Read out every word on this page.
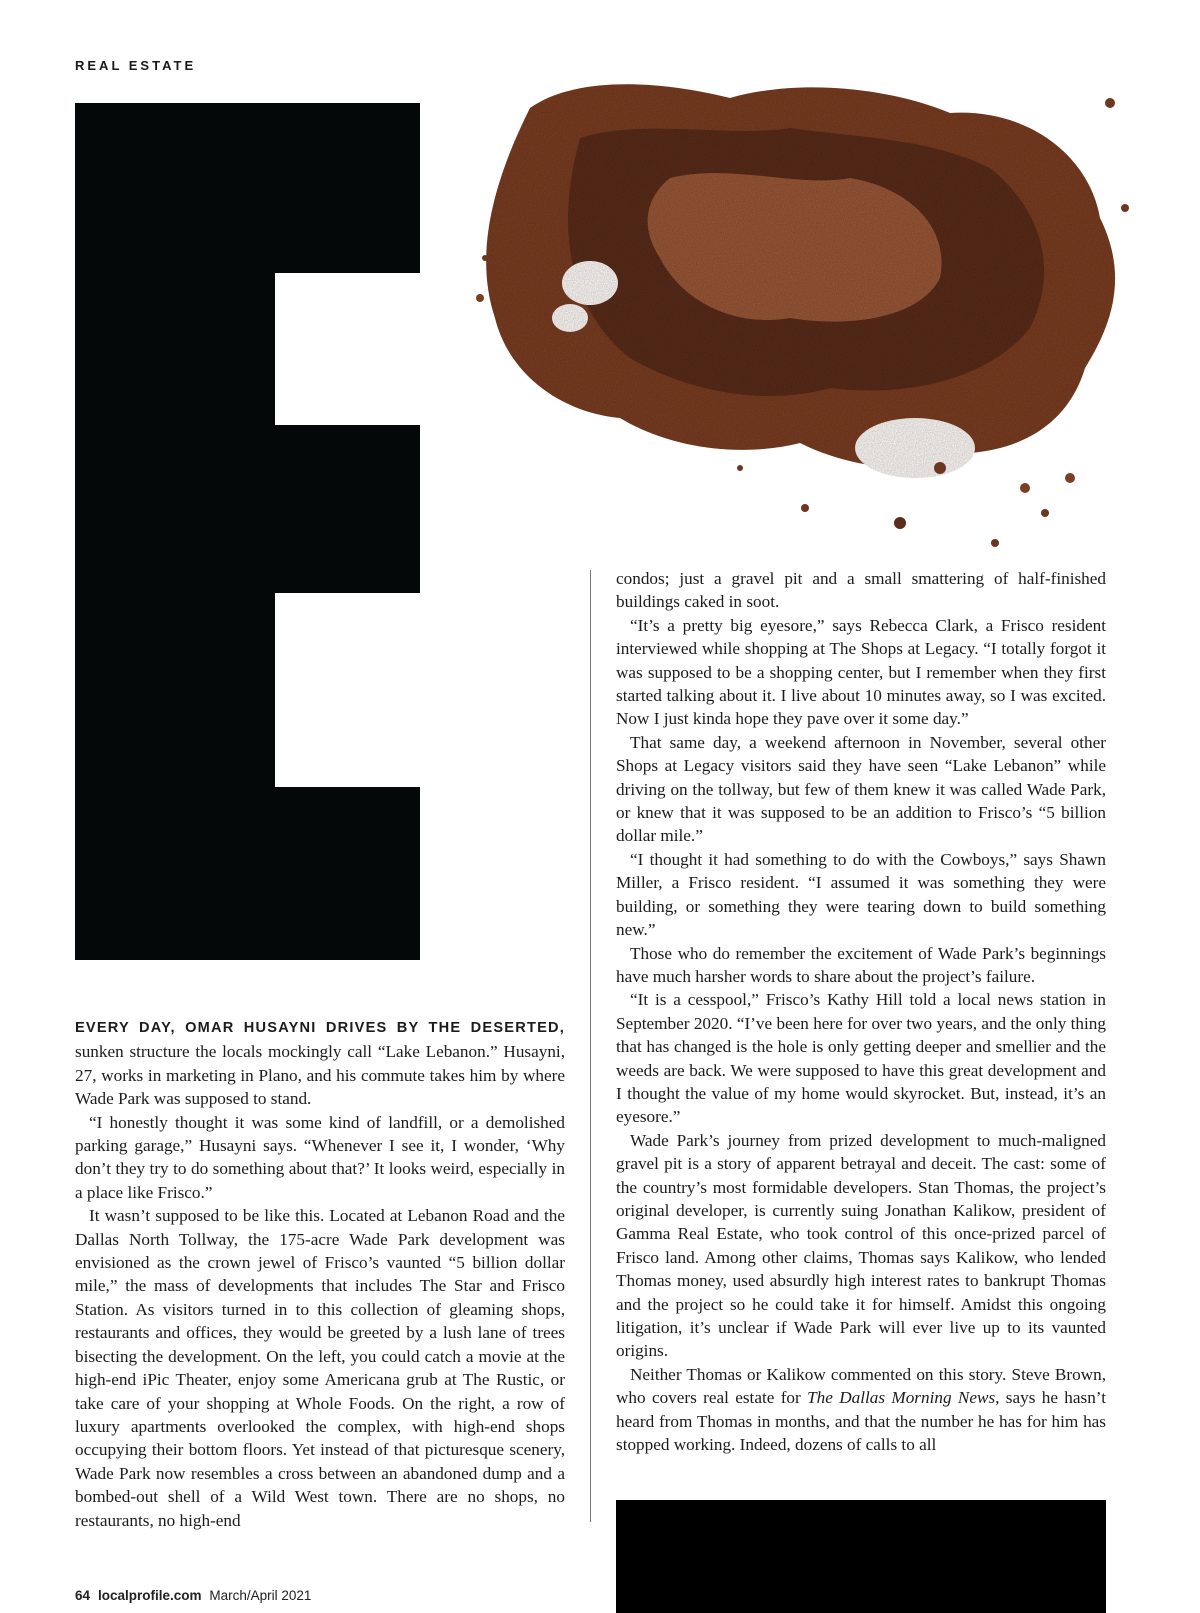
REAL ESTATE

EVERY DAY, OMAR HUSAYNI DRIVES BY THE DESERTED, sunken structure the locals mockingly call “Lake Lebanon.” Husayni, 27, works in marketing in Plano, and his commute takes him by where Wade Park was supposed to stand.

“I honestly thought it was some kind of landfill, or a demolished parking garage,” Husayni says. “Whenever I see it, I wonder, ‘Why don’t they try to do something about that?’ It looks weird, especially in a place like Frisco.”

It wasn’t supposed to be like this. Located at Lebanon Road and the Dallas North Tollway, the 175-acre Wade Park development was envisioned as the crown jewel of Frisco’s vaunted “5 billion dollar mile,” the mass of developments that includes The Star and Frisco Station. As visitors turned in to this collection of gleaming shops, restaurants and offices, they would be greeted by a lush lane of trees bisecting the development. On the left, you could catch a movie at the high-end iPic Theater, enjoy some Americana grub at The Rustic, or take care of your shopping at Whole Foods. On the right, a row of luxury apartments overlooked the complex, with high-end shops occupying their bottom floors. Yet instead of that picturesque scenery, Wade Park now resembles a cross between an abandoned dump and a bombed-out shell of a Wild West town. There are no shops, no restaurants, no high-end

condos; just a gravel pit and a small smattering of half-finished buildings caked in soot.

“It’s a pretty big eyesore,” says Rebecca Clark, a Frisco resident interviewed while shopping at The Shops at Legacy. “I totally forgot it was supposed to be a shopping center, but I remember when they first started talking about it. I live about 10 minutes away, so I was excited. Now I just kinda hope they pave over it some day.”

That same day, a weekend afternoon in November, several other Shops at Legacy visitors said they have seen “Lake Lebanon” while driving on the tollway, but few of them knew it was called Wade Park, or knew that it was supposed to be an addition to Frisco’s “5 billion dollar mile.”

“I thought it had something to do with the Cowboys,” says Shawn Miller, a Frisco resident. “I assumed it was something they were building, or something they were tearing down to build something new.”

Those who do remember the excitement of Wade Park’s beginnings have much harsher words to share about the project’s failure.

“It is a cesspool,” Frisco’s Kathy Hill told a local news station in September 2020. “I’ve been here for over two years, and the only thing that has changed is the hole is only getting deeper and smellier and the weeds are back. We were supposed to have this great development and I thought the value of my home would skyrocket. But, instead, it’s an eyesore.”

Wade Park’s journey from prized development to much-maligned gravel pit is a story of apparent betrayal and deceit. The cast: some of the country’s most formidable developers. Stan Thomas, the project’s original developer, is currently suing Jonathan Kalikow, president of Gamma Real Estate, who took control of this once-prized parcel of Frisco land. Among other claims, Thomas says Kalikow, who lended Thomas money, used absurdly high interest rates to bankrupt Thomas and the project so he could take it for himself. Amidst this ongoing litigation, it’s unclear if Wade Park will ever live up to its vaunted origins.

Neither Thomas or Kalikow commented on this story. Steve Brown, who covers real estate for The Dallas Morning News, says he hasn’t heard from Thomas in months, and that the number he has for him has stopped working. Indeed, dozens of calls to all

64 localprofile.com March/April 2021
